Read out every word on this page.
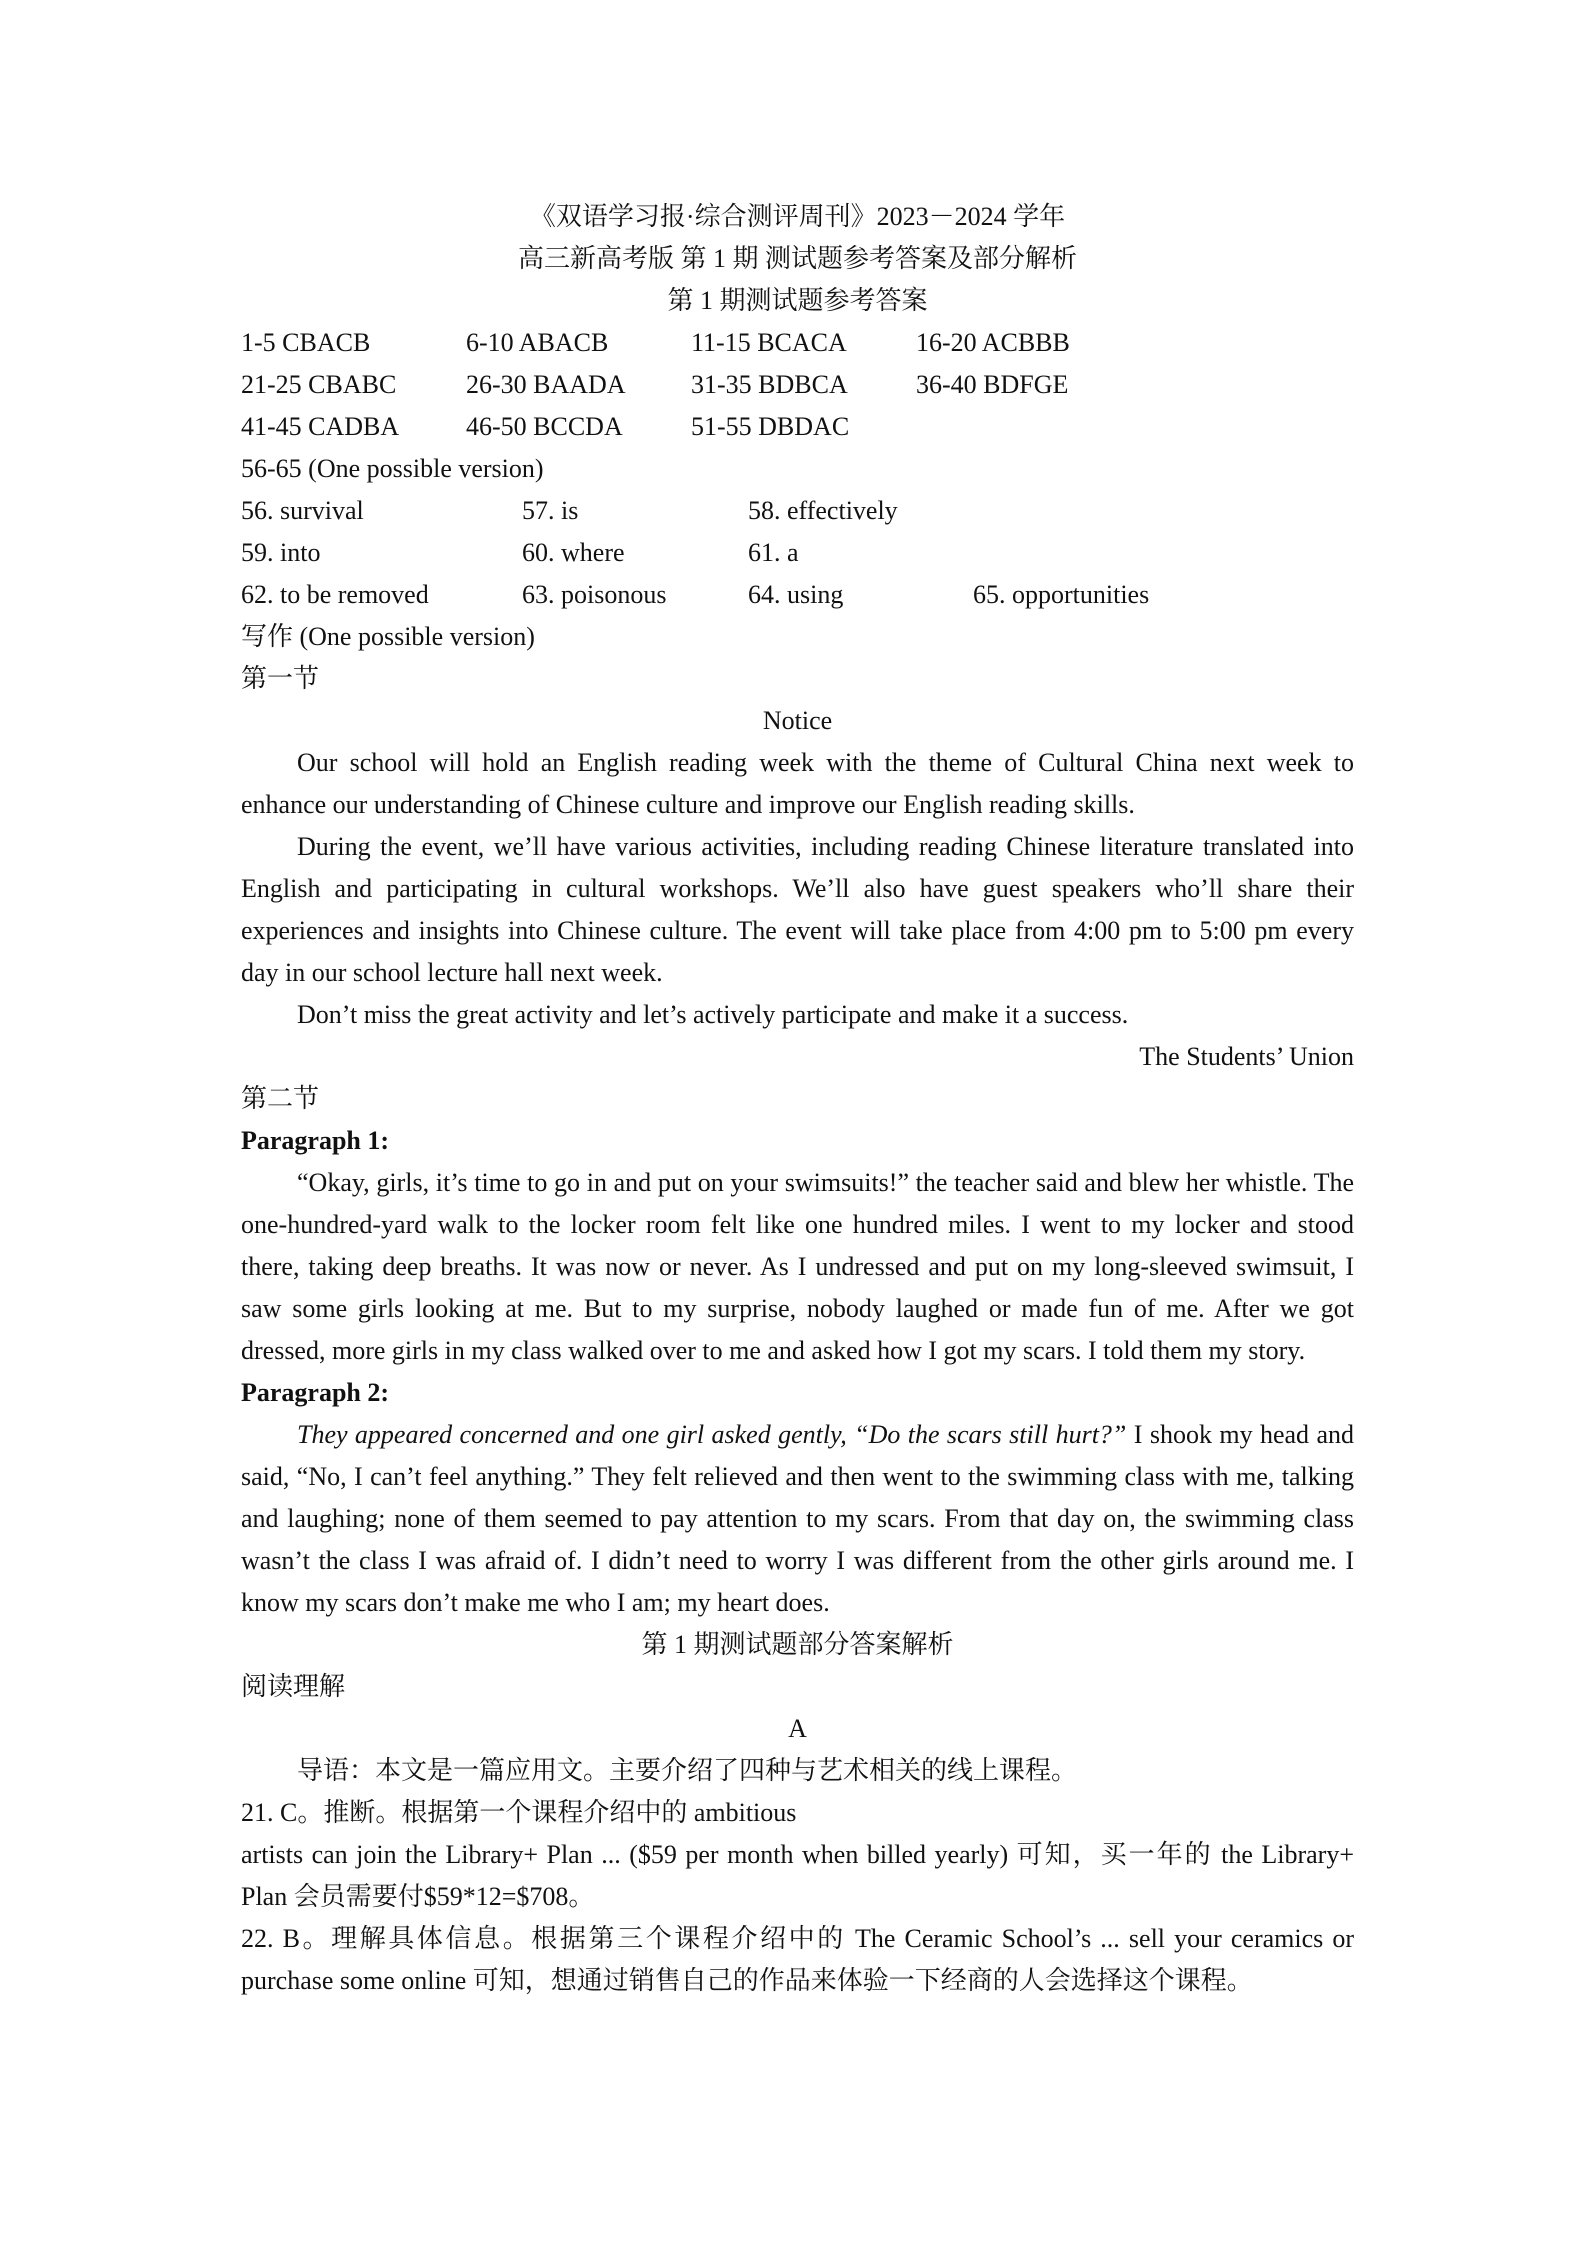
《双语学习报·综合测评周刊》2023－2024 学年
高三新高考版 第 1 期 测试题参考答案及部分解析
第 1 期测试题参考答案
1-5 CBACB	6-10 ABACB	11-15 BCACA	16-20 ACBBB
21-25 CBABC	26-30 BAADA	31-35 BDBCA	36-40 BDFGE
41-45 CADBA	46-50 BCCDA	51-55 DBDAC
56-65 (One possible version)
56. survival	57. is	58. effectively
59. into	60. where	61. a
62. to be removed	63. poisonous	64. using	65. opportunities
写作 (One possible version)
第一节
Notice

Our school will hold an English reading week with the theme of Cultural China next week to enhance our understanding of Chinese culture and improve our English reading skills.

During the event, we’ll have various activities, including reading Chinese literature translated into English and participating in cultural workshops. We’ll also have guest speakers who’ll share their experiences and insights into Chinese culture. The event will take place from 4:00 pm to 5:00 pm every day in our school lecture hall next week.

Don’t miss the great activity and let’s actively participate and make it a success.

The Students’ Union
第二节
Paragraph 1:

“Okay, girls, it’s time to go in and put on your swimsuits!” the teacher said and blew her whistle. The one-hundred-yard walk to the locker room felt like one hundred miles. I went to my locker and stood there, taking deep breaths. It was now or never. As I undressed and put on my long-sleeved swimsuit, I saw some girls looking at me. But to my surprise, nobody laughed or made fun of me. After we got dressed, more girls in my class walked over to me and asked how I got my scars. I told them my story.

Paragraph 2:

They appeared concerned and one girl asked gently, “Do the scars still hurt?” I shook my head and said, “No, I can’t feel anything.” They felt relieved and then went to the swimming class with me, talking and laughing; none of them seemed to pay attention to my scars. From that day on, the swimming class wasn’t the class I was afraid of. I didn’t need to worry I was different from the other girls around me. I know my scars don’t make me who I am; my heart does.

第 1 期测试题部分答案解析
阅读理解
A
导语：本文是一篇应用文。主要介绍了四种与艺术相关的线上课程。
21. C。推断。根据第一个课程介绍中的 ambitious

artists can join the Library+ Plan ... ($59 per month when billed yearly) 可知，买一年的 the Library+ Plan 会员需要付$59*12=$708。

22. B。理解具体信息。根据第三个课程介绍中的 The Ceramic School’s ... sell your ceramics or purchase some online 可知，想通过销售自己的作品来体验一下经商的人会选择这个课程。
